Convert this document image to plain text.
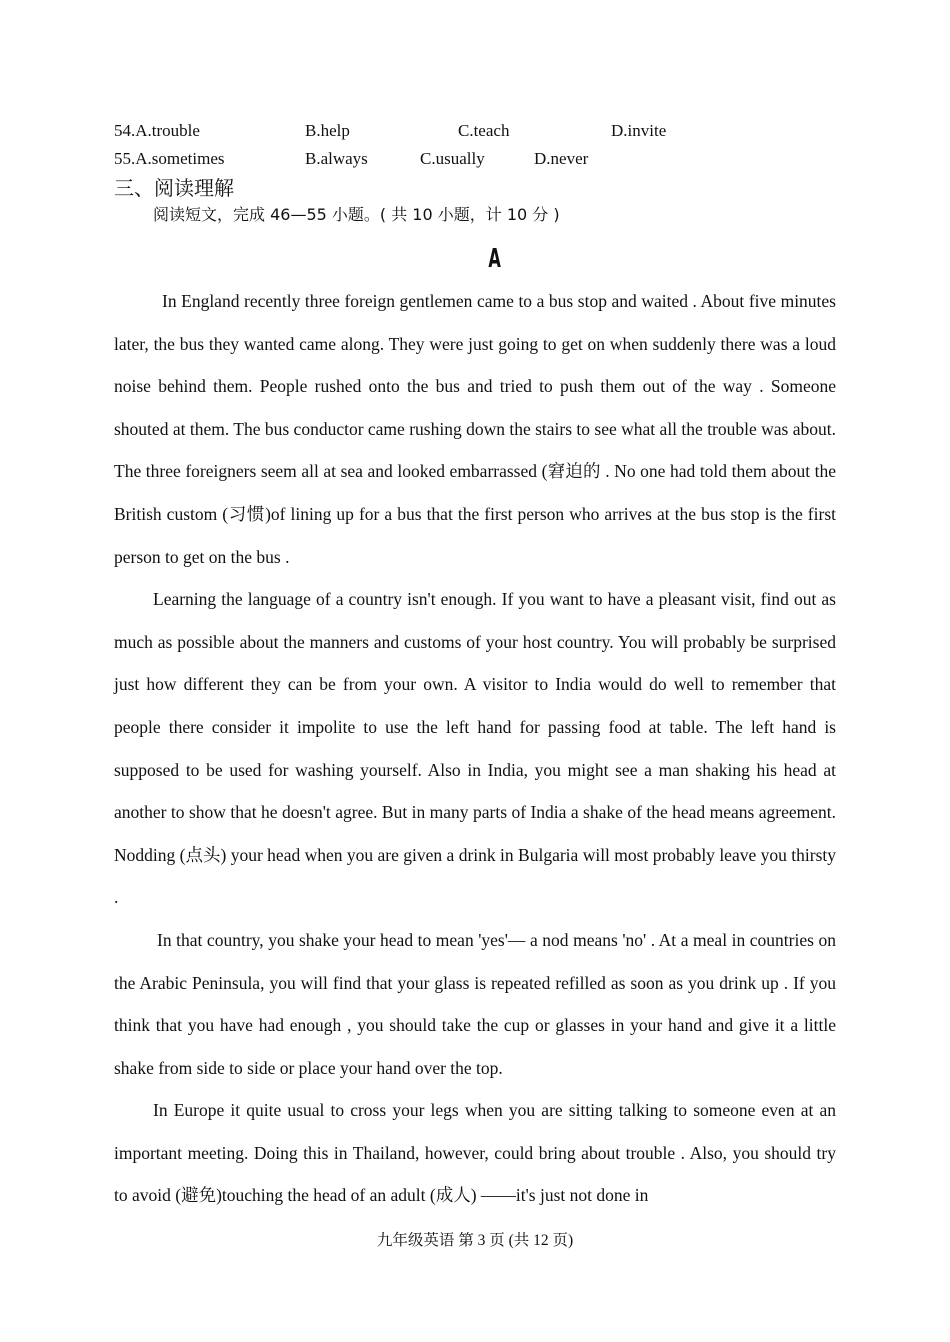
54.A.trouble	B.help	C.teach	D.invite
55.A.sometimes	B.always	C.usually	D.never
三、阅读理解
阅读短文，完成 46—55 小题。( 共 10 小题，计 10 分 )
A

In England recently three foreign gentlemen came to a bus stop and waited . About five minutes later, the bus they wanted came along. They were just going to get on when suddenly there was a loud noise behind them. People rushed onto the bus and tried to push them out of the way . Someone shouted at them. The bus conductor came rushing down the stairs to see what all the trouble was about. The three foreigners seem all at sea and looked embarrassed (窘迫的 . No one had told them about the British custom (习惯)of lining up for a bus that the first person who arrives at the bus stop is the first person to get on the bus .

Learning the language of a country isn't enough. If you want to have a pleasant visit, find out as much as possible about the manners and customs of your host country. You will probably be surprised just how different they can be from your own. A visitor to India would do well to remember that people there consider it impolite to use the left hand for passing food at table. The left hand is supposed to be used for washing yourself. Also in India, you might see a man shaking his head at another to show that he doesn't agree. But in many parts of India a shake of the head means agreement. Nodding (点头) your head when you are given a drink in Bulgaria will most probably leave you thirsty .

In that country, you shake your head to mean 'yes'— a nod means 'no' . At a meal in countries on the Arabic Peninsula, you will find that your glass is repeated refilled as soon as you drink up . If you think that you have had enough , you should take the cup or glasses in your hand and give it a little shake from side to side or place your hand over the top.

In Europe it quite usual to cross your legs when you are sitting talking to someone even at an important meeting. Doing this in Thailand, however, could bring about trouble . Also, you should try to avoid (避免)touching the head of an adult (成人) ——it's just not done in

九年级英语 第 3 页 (共 12 页)
